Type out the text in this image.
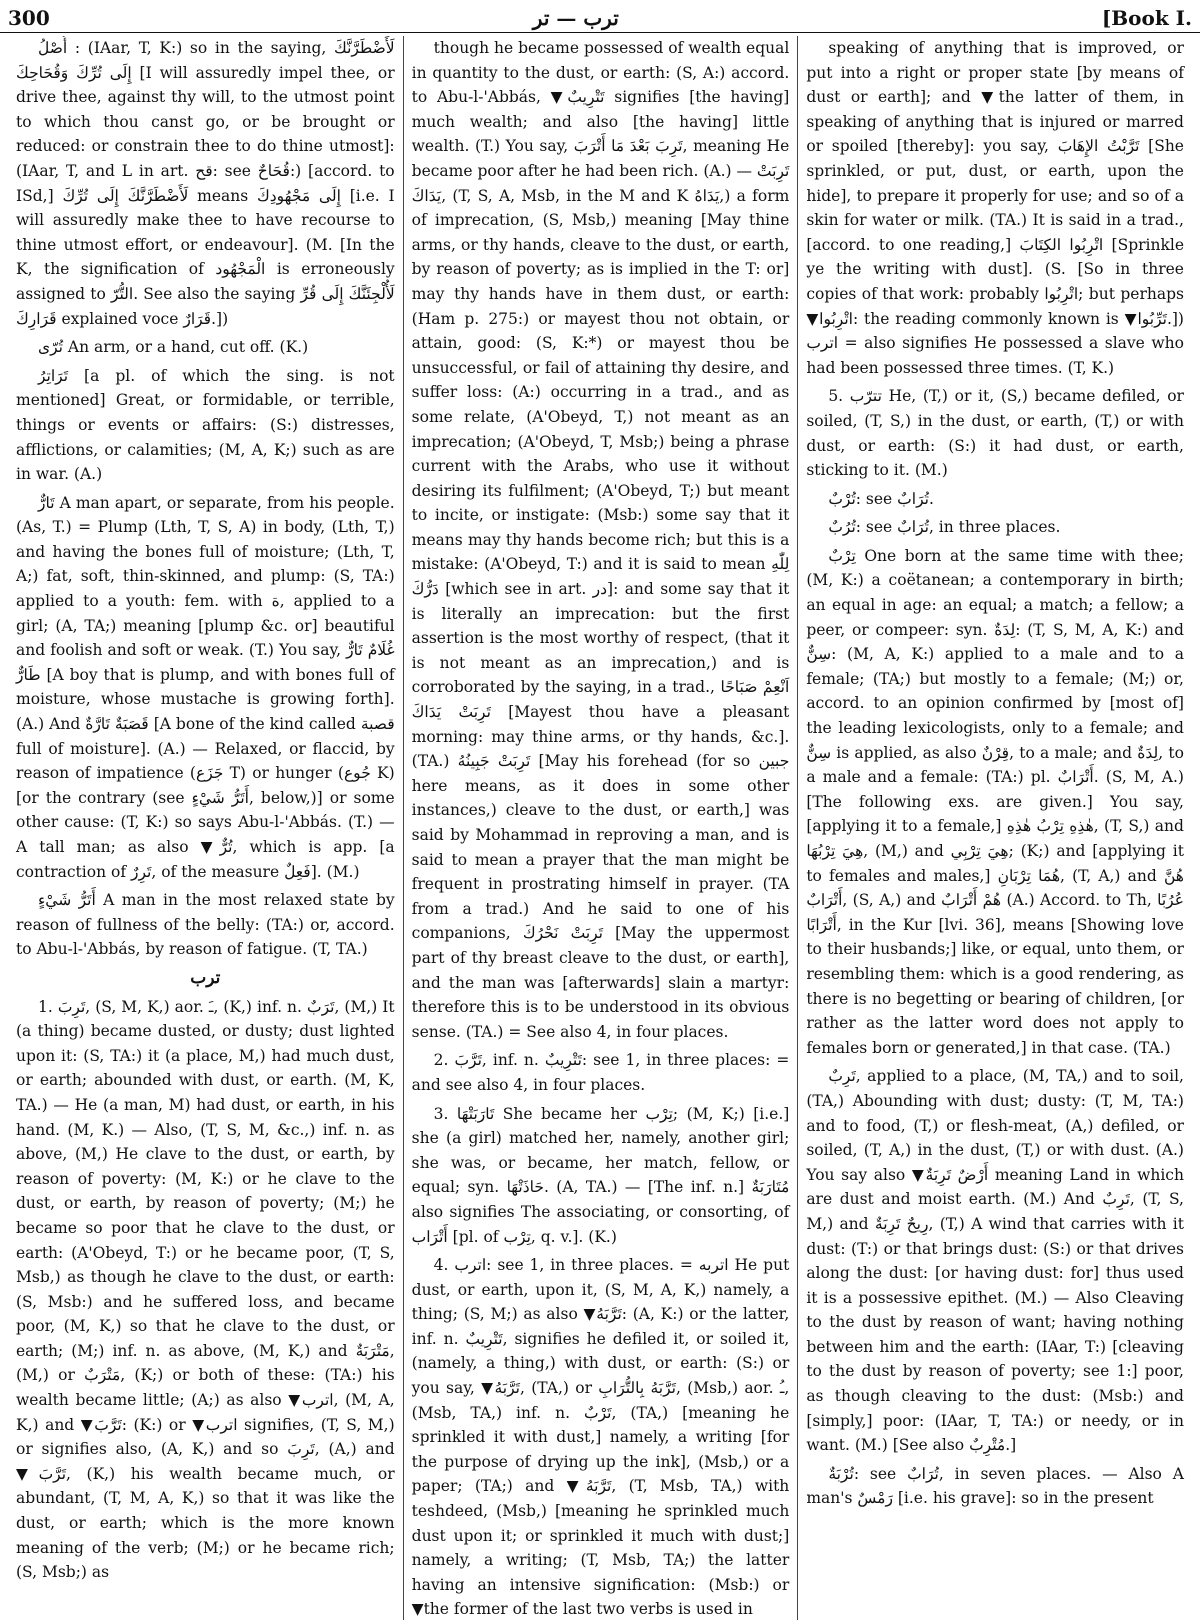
300	ترب — تر	[Book I.

أُصْلُ : (IAar, T, K:) so in the saying, لَأَضْطَرَّنَّكَ إِلَى تُرِّكَ وَقُحَاحِكَ [I will assuredly impel thee, or drive thee, against thy will, to the utmost point to which thou canst go, or be brought or reduced: or constrain thee to do thine utmost]: (IAar, T, and L in art. قح: see قُحَاحٌ:) [accord. to ISd,] لَأَضْطَرَّنَّكَ إِلَى تُرِّكَ means إِلَى مَجْهُودِكَ [i.e. I will assuredly make thee to have recourse to thine utmost effort, or endeavour]. (M. [In the K, the signification of الْمَجْهُود is erroneously assigned to التُّرّ. See also the saying لَأُلْجِئَنَّكَ إِلَى قُرِّ قَرَارِكَ explained voce قَرَارٌ.])

تُرّى An arm, or a hand, cut off. (K.)

تَرَاتِرُ [a pl. of which the sing. is not mentioned] Great, or formidable, or terrible, things or events or affairs: (S:) distresses, afflictions, or calamities; (M, A, K;) such as are in war. (A.)

تَارٌّ A man apart, or separate, from his people. (As, T.) = Plump (Lth, T, S, A) in body, (Lth, T,) and having the bones full of moisture; (Lth, T, A;) fat, soft, thin-skinned, and plump: (S, TA:) applied to a youth: fem. with ة, applied to a girl; (A, TA;) meaning [plump &c. or] beautiful and foolish and soft or weak. (T.) You say, غُلَامٌ تَارٌّ طَارٌّ [A boy that is plump, and with bones full of moisture, whose mustache is growing forth]. (A.) And قَصَبَةٌ تَارَّةٌ [A bone of the kind called قصبة full of moisture]. (A.) — Relaxed, or flaccid, by reason of impatience (جَزَع T) or hunger (جُوع K) [or the contrary (see أَتَرُّ شَيْءٍ, below,)] or some other cause: (T, K:) so says Abu-l-'Abbás. (T.) — A tall man; as also ▼تُرٌّ, which is app. [a contraction of تَرِرٌ, of the measure فَعِلٌ]. (M.)

أَتَرُّ شَيْءٍ A man in the most relaxed state by reason of fullness of the belly: (TA:) or, accord. to Abu-l-'Abbás, by reason of fatigue. (T, TA.)

ترب

1. تَرِبَ, (S, M, K,) aor. ـَ, (K,) inf. n. تَرَبٌ, (M,) It (a thing) became dusted, or dusty; dust lighted upon it: (S, TA:) it (a place, M,) had much dust, or earth; abounded with dust, or earth. (M, K, TA.) — He (a man, M) had dust, or earth, in his hand. (M, K.) — Also, (T, S, M, &c.,) inf. n. as above, (M,) He clave to the dust, or earth, by reason of poverty: (M, K:) or he clave to the dust, or earth, by reason of poverty; (M;) he became so poor that he clave to the dust, or earth: (A'Obeyd, T:) or he became poor, (T, S, Msb,) as though he clave to the dust, or earth: (S, Msb:) and he suffered loss, and became poor, (M, K,) so that he clave to the dust, or earth; (M;) inf. n. as above, (M, K,) and مَتْرَبَةٌ, (M,) or مَتْرَبٌ, (K;) or both of these: (TA:) his wealth became little; (A;) as also ▼اترب, (M, A, K,) and ▼تَرَّبَ: (K:) or ▼اترب signifies, (T, S, M,) or signifies also, (A, K,) and so تَرِبَ, (A,) and ▼تَرَّبَ, (K,) his wealth became much, or abundant, (T, M, A, K,) so that it was like the dust, or earth; which is the more known meaning of the verb; (M;) or he became rich; (S, Msb;) as

though he became possessed of wealth equal in quantity to the dust, or earth: (S, A:) accord. to Abu-l-'Abbás, ▼تَتْرِيبٌ signifies [the having] much wealth; and also [the having] little wealth. (T.) You say, تَرِبَ بَعْدَ مَا أَتْرَبَ, meaning He became poor after he had been rich. (A.) — تَرِبَتْ يَدَاكَ, (T, S, A, Msb, in the M and K يَدَاهُ,) a form of imprecation, (S, Msb,) meaning [May thine arms, or thy hands, cleave to the dust, or earth, by reason of poverty; as is implied in the T: or] may thy hands have in them dust, or earth: (Ham p. 275:) or mayest thou not obtain, or attain, good: (S, K:*) or mayest thou be unsuccessful, or fail of attaining thy desire, and suffer loss: (A:) occurring in a trad., and as some relate, (A'Obeyd, T,) not meant as an imprecation; (A'Obeyd, T, Msb;) being a phrase current with the Arabs, who use it without desiring its fulfilment; (A'Obeyd, T;) but meant to incite, or instigate: (Msb:) some say that it means may thy hands become rich; but this is a mistake: (A'Obeyd, T:) and it is said to mean لِلّٰهِ دَرُّكَ [which see in art. در]: and some say that it is literally an imprecation: but the first assertion is the most worthy of respect, (that it is not meant as an imprecation,) and is corroborated by the saying, in a trad., اَنْعِمْ صَبَاحًا تَرِبَتْ يَدَاكَ [Mayest thou have a pleasant morning: may thine arms, or thy hands, &c.]. (TA.) تَرِبَتْ جَبِينُهُ [May his forehead (for so جبين here means, as it does in some other instances,) cleave to the dust, or earth,] was said by Mohammad in reproving a man, and is said to mean a prayer that the man might be frequent in prostrating himself in prayer. (TA from a trad.) And he said to one of his companions, تَرِبَتْ نَحْرُكَ [May the uppermost part of thy breast cleave to the dust, or earth], and the man was [afterwards] slain a martyr: therefore this is to be understood in its obvious sense. (TA.) = See also 4, in four places.

2. تَرَّبَ, inf. n. تَتْرِيبٌ: see 1, in three places: = and see also 4, in four places.

3. تَارَبَتْهَا She became her تِرْب; (M, K;) [i.e.] she (a girl) matched her, namely, another girl; she was, or became, her match, fellow, or equal; syn. حَاذَتْهَا. (A, TA.) — [The inf. n.] مُتَارَبَةٌ also signifies The associating, or consorting, of أَتْرَاب [pl. of تِرْب, q. v.]. (K.)

4. اترب: see 1, in three places. = اتربه He put dust, or earth, upon it, (S, M, A, K,) namely, a thing; (S, M;) as also ▼تَرَّبَهُ: (A, K:) or the latter, inf. n. تَتْرِيبٌ, signifies he defiled it, or soiled it, (namely, a thing,) with dust, or earth: (S:) or you say, ▼تَرَّبَهُ, (TA,) or تَرَّبَهُ بِالتُّرَابِ, (Msb,) aor. ـُ, (Msb, TA,) inf. n. تَرْبٌ, (TA,) [meaning he sprinkled it with dust,] namely, a writing [for the purpose of drying up the ink], (Msb,) or a paper; (TA;) and ▼تَرَّبَهُ, (T, Msb, TA,) with teshdeed, (Msb,) [meaning he sprinkled much dust upon it; or sprinkled it much with dust;] namely, a writing; (T, Msb, TA;) the latter having an intensive signification: (Msb:) or ▼the former of the last two verbs is used in

speaking of anything that is improved, or put into a right or proper state [by means of dust or earth]; and ▼the latter of them, in speaking of anything that is injured or marred or spoiled [thereby]: you say, تَرَّبْتُ الإِهَابَ [She sprinkled, or put, dust, or earth, upon the hide], to prepare it properly for use; and so of a skin for water or milk. (TA.) It is said in a trad., [accord. to one reading,] اتْرِبُوا الكِتَابَ [Sprinkle ye the writing with dust]. (S. [So in three copies of that work: probably اتْرِبُوا; but perhaps ▼اتْرِبُوا: the reading commonly known is ▼تَرِّبُوا.]) اترب = also signifies He possessed a slave who had been possessed three times. (T, K.)

5. تترّب He, (T,) or it, (S,) became defiled, or soiled, (T, S,) in the dust, or earth, (T,) or with dust, or earth: (S:) it had dust, or earth, sticking to it. (M.)

تُرْبٌ: see تُرَابٌ.

تُرُبٌ: see تُرَابٌ, in three places.

تِرْبٌ One born at the same time with thee; (M, K:) a coëtanean; a contemporary in birth; an equal in age: an equal; a match; a fellow; a peer, or compeer: syn. لِدَةٌ: (T, S, M, A, K:) and سِنٌّ: (M, A, K:) applied to a male and to a female; (TA;) but mostly to a female; (M;) or, accord. to an opinion confirmed by [most of] the leading lexicologists, only to a female; and سِنٌّ is applied, as also قِرْنٌ, to a male; and لِدَةٌ, to a male and a female: (TA:) pl. أَتْرَابٌ. (S, M, A.) [The following exs. are given.] You say, [applying it to a female,] هٰذِهِ تِرْبُ هٰذِهِ, (T, S,) and هِيَ تِرْبُهَا, (M,) and هِيَ تِرْبِي; (K;) and [applying it to females and males,] هُمَا تِرْبَانِ, (T, A,) and هُنَّ أَتْرَابٌ, (S, A,) and هُمْ أَتْرَابٌ (A.) Accord. to Th, عُرُبًا أَتْرَابًا, in the Kur [lvi. 36], means [Showing love to their husbands;] like, or equal, unto them, or resembling them: which is a good rendering, as there is no begetting or bearing of children, [or rather as the latter word does not apply to females born or generated,] in that case. (TA.)

تَرِبٌ, applied to a place, (M, TA,) and to soil, (TA,) Abounding with dust; dusty: (T, M, TA:) and to food, (T,) or flesh-meat, (A,) defiled, or soiled, (T, A,) in the dust, (T,) or with dust. (A.) You say also ▼أَرْضٌ تَرِبَةٌ meaning Land in which are dust and moist earth. (M.) And تَرِبٌ, (T, S, M,) and رِيحٌ تَرِبَةٌ, (T,) A wind that carries with it dust: (T:) or that brings dust: (S:) or that drives along the dust: [or having dust: for] thus used it is a possessive epithet. (M.) — Also Cleaving to the dust by reason of want; having nothing between him and the earth: (IAar, T:) [cleaving to the dust by reason of poverty; see 1:] poor, as though cleaving to the dust: (Msb:) and [simply,] poor: (IAar, T, TA:) or needy, or in want. (M.) [See also مُتْرِبٌ.]

تُرْبَةٌ: see تُرَابٌ, in seven places. — Also A man's رَمْسٌ [i.e. his grave]: so in the present
